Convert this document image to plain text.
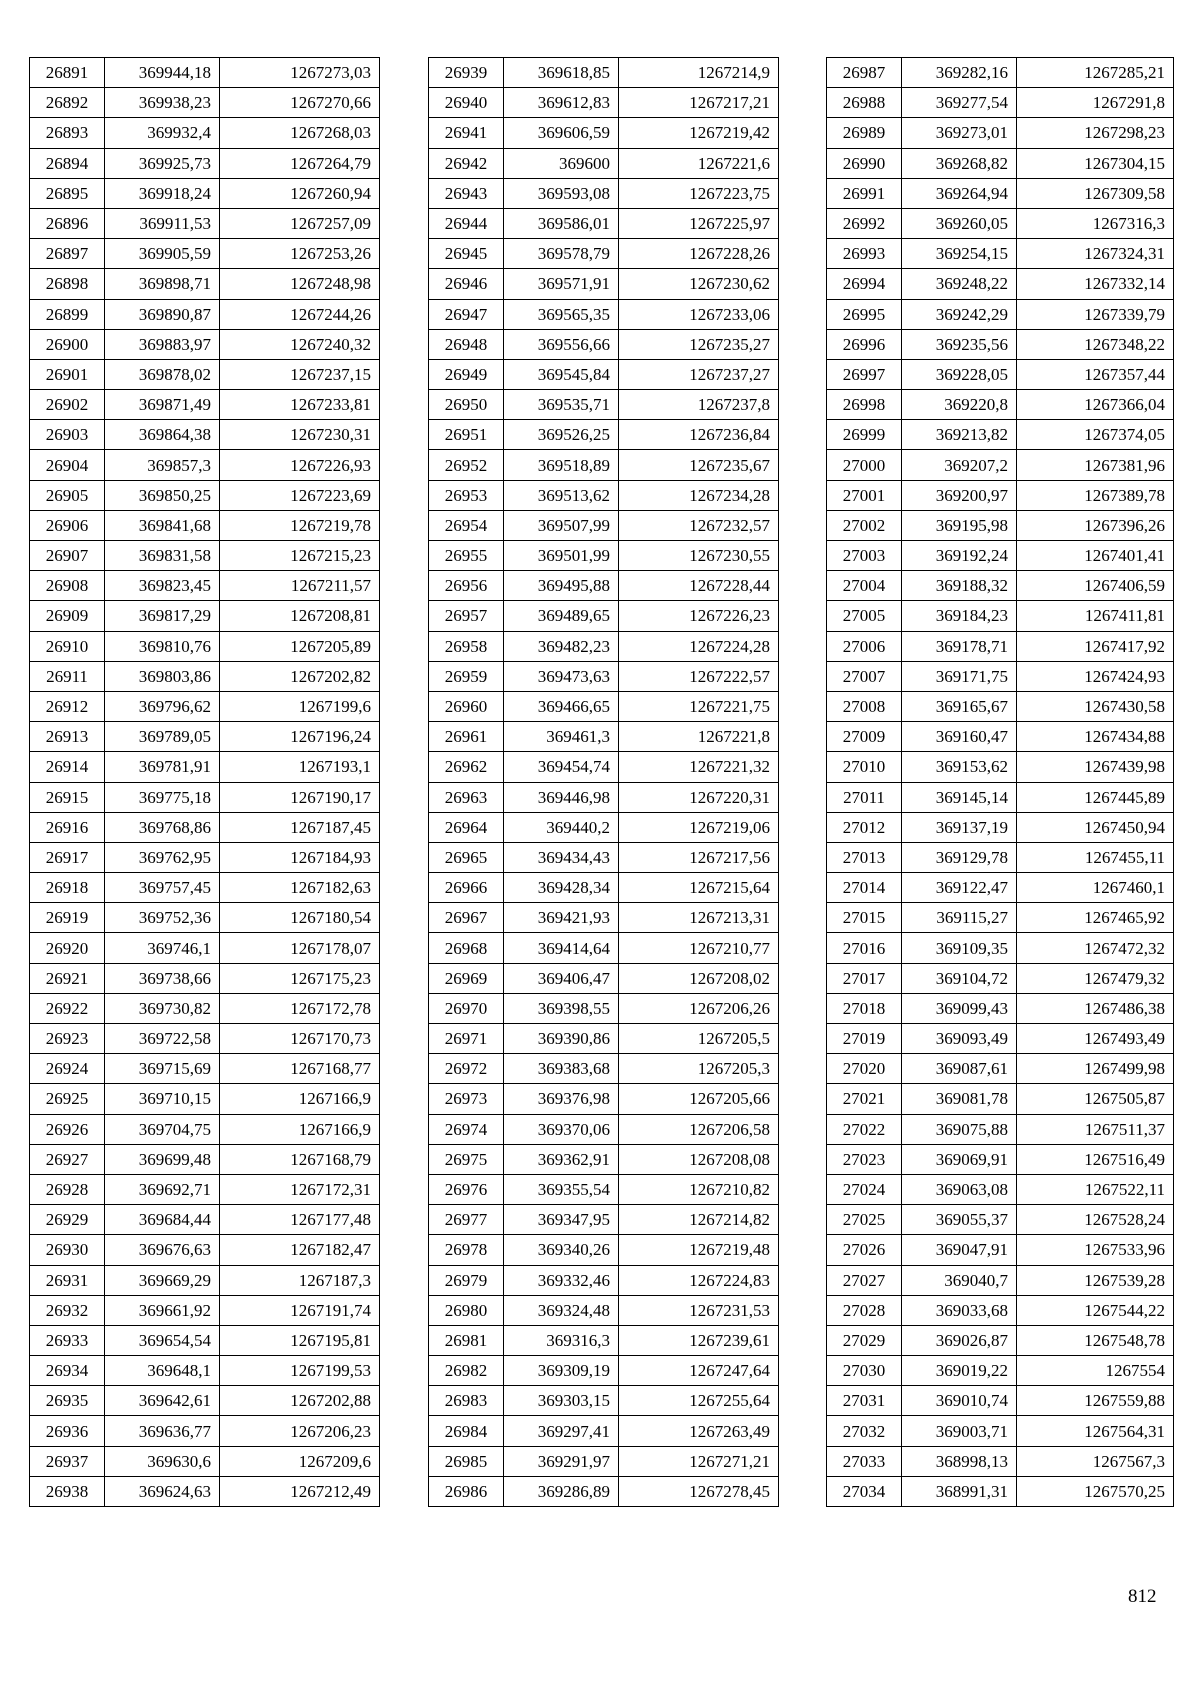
26891	369944,18	1267273,03
26892	369938,23	1267270,66
26893	369932,4	1267268,03
26894	369925,73	1267264,79
26895	369918,24	1267260,94
26896	369911,53	1267257,09
26897	369905,59	1267253,26
26898	369898,71	1267248,98
26899	369890,87	1267244,26
26900	369883,97	1267240,32
26901	369878,02	1267237,15
26902	369871,49	1267233,81
26903	369864,38	1267230,31
26904	369857,3	1267226,93
26905	369850,25	1267223,69
26906	369841,68	1267219,78
26907	369831,58	1267215,23
26908	369823,45	1267211,57
26909	369817,29	1267208,81
26910	369810,76	1267205,89
26911	369803,86	1267202,82
26912	369796,62	1267199,6
26913	369789,05	1267196,24
26914	369781,91	1267193,1
26915	369775,18	1267190,17
26916	369768,86	1267187,45
26917	369762,95	1267184,93
26918	369757,45	1267182,63
26919	369752,36	1267180,54
26920	369746,1	1267178,07
26921	369738,66	1267175,23
26922	369730,82	1267172,78
26923	369722,58	1267170,73
26924	369715,69	1267168,77
26925	369710,15	1267166,9
26926	369704,75	1267166,9
26927	369699,48	1267168,79
26928	369692,71	1267172,31
26929	369684,44	1267177,48
26930	369676,63	1267182,47
26931	369669,29	1267187,3
26932	369661,92	1267191,74
26933	369654,54	1267195,81
26934	369648,1	1267199,53
26935	369642,61	1267202,88
26936	369636,77	1267206,23
26937	369630,6	1267209,6
26938	369624,63	1267212,49
26939	369618,85	1267214,9
26940	369612,83	1267217,21
26941	369606,59	1267219,42
26942	369600	1267221,6
26943	369593,08	1267223,75
26944	369586,01	1267225,97
26945	369578,79	1267228,26
26946	369571,91	1267230,62
26947	369565,35	1267233,06
26948	369556,66	1267235,27
26949	369545,84	1267237,27
26950	369535,71	1267237,8
26951	369526,25	1267236,84
26952	369518,89	1267235,67
26953	369513,62	1267234,28
26954	369507,99	1267232,57
26955	369501,99	1267230,55
26956	369495,88	1267228,44
26957	369489,65	1267226,23
26958	369482,23	1267224,28
26959	369473,63	1267222,57
26960	369466,65	1267221,75
26961	369461,3	1267221,8
26962	369454,74	1267221,32
26963	369446,98	1267220,31
26964	369440,2	1267219,06
26965	369434,43	1267217,56
26966	369428,34	1267215,64
26967	369421,93	1267213,31
26968	369414,64	1267210,77
26969	369406,47	1267208,02
26970	369398,55	1267206,26
26971	369390,86	1267205,5
26972	369383,68	1267205,3
26973	369376,98	1267205,66
26974	369370,06	1267206,58
26975	369362,91	1267208,08
26976	369355,54	1267210,82
26977	369347,95	1267214,82
26978	369340,26	1267219,48
26979	369332,46	1267224,83
26980	369324,48	1267231,53
26981	369316,3	1267239,61
26982	369309,19	1267247,64
26983	369303,15	1267255,64
26984	369297,41	1267263,49
26985	369291,97	1267271,21
26986	369286,89	1267278,45
26987	369282,16	1267285,21
26988	369277,54	1267291,8
26989	369273,01	1267298,23
26990	369268,82	1267304,15
26991	369264,94	1267309,58
26992	369260,05	1267316,3
26993	369254,15	1267324,31
26994	369248,22	1267332,14
26995	369242,29	1267339,79
26996	369235,56	1267348,22
26997	369228,05	1267357,44
26998	369220,8	1267366,04
26999	369213,82	1267374,05
27000	369207,2	1267381,96
27001	369200,97	1267389,78
27002	369195,98	1267396,26
27003	369192,24	1267401,41
27004	369188,32	1267406,59
27005	369184,23	1267411,81
27006	369178,71	1267417,92
27007	369171,75	1267424,93
27008	369165,67	1267430,58
27009	369160,47	1267434,88
27010	369153,62	1267439,98
27011	369145,14	1267445,89
27012	369137,19	1267450,94
27013	369129,78	1267455,11
27014	369122,47	1267460,1
27015	369115,27	1267465,92
27016	369109,35	1267472,32
27017	369104,72	1267479,32
27018	369099,43	1267486,38
27019	369093,49	1267493,49
27020	369087,61	1267499,98
27021	369081,78	1267505,87
27022	369075,88	1267511,37
27023	369069,91	1267516,49
27024	369063,08	1267522,11
27025	369055,37	1267528,24
27026	369047,91	1267533,96
27027	369040,7	1267539,28
27028	369033,68	1267544,22
27029	369026,87	1267548,78
27030	369019,22	1267554
27031	369010,74	1267559,88
27032	369003,71	1267564,31
27033	368998,13	1267567,3
27034	368991,31	1267570,25
812
